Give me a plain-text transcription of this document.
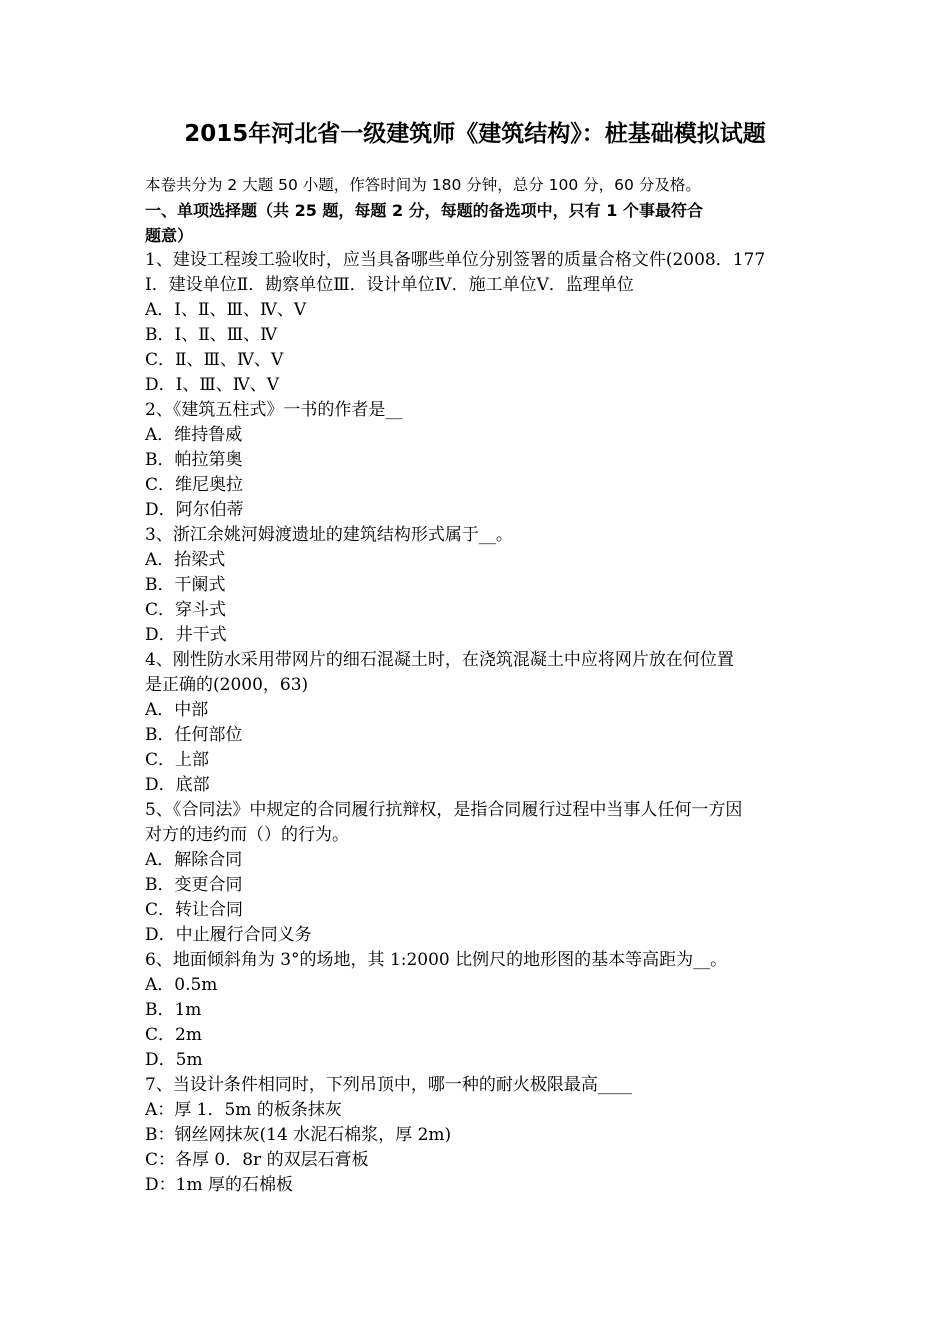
2015年河北省一级建筑师《建筑结构》：桩基础模拟试题
本卷共分为 2 大题 50 小题，作答时间为 180 分钟，总分 100 分，60 分及格。
一、单项选择题（共 25 题，每题 2 分，每题的备选项中，只有 1 个事最符合
题意）
1、建设工程竣工验收时，应当具备哪些单位分别签署的质量合格文件(2008．177
Ⅰ．建设单位Ⅱ．勘察单位Ⅲ．设计单位Ⅳ．施工单位Ⅴ．监理单位
A．Ⅰ、Ⅱ、Ⅲ、Ⅳ、Ⅴ
B．Ⅰ、Ⅱ、Ⅲ、Ⅳ
C．Ⅱ、Ⅲ、Ⅳ、Ⅴ
D．Ⅰ、Ⅲ、Ⅳ、Ⅴ
2、《建筑五柱式》一书的作者是__
A．维持鲁威
B．帕拉第奥
C．维尼奥拉
D．阿尔伯蒂
3、浙江余姚河姆渡遗址的建筑结构形式属于__。
A．抬梁式
B．干阑式
C．穿斗式
D．井干式
4、刚性防水采用带网片的细石混凝土时，在浇筑混凝土中应将网片放在何位置
是正确的(2000，63)
A．中部
B．任何部位
C．上部
D．底部
5、《合同法》中规定的合同履行抗辩权，是指合同履行过程中当事人任何一方因
对方的违约而（）的行为。
A．解除合同
B．变更合同
C．转让合同
D．中止履行合同义务
6、地面倾斜角为 3°的场地，其 1:2000 比例尺的地形图的基本等高距为__。
A．0.5m
B．1m
C．2m
D．5m
7、当设计条件相同时，下列吊顶中，哪一种的耐火极限最高____
A：厚 1．5m 的板条抹灰
B：钢丝网抹灰(14 水泥石棉浆，厚 2m)
C：各厚 0．8r 的双层石膏板
D：1m 厚的石棉板
